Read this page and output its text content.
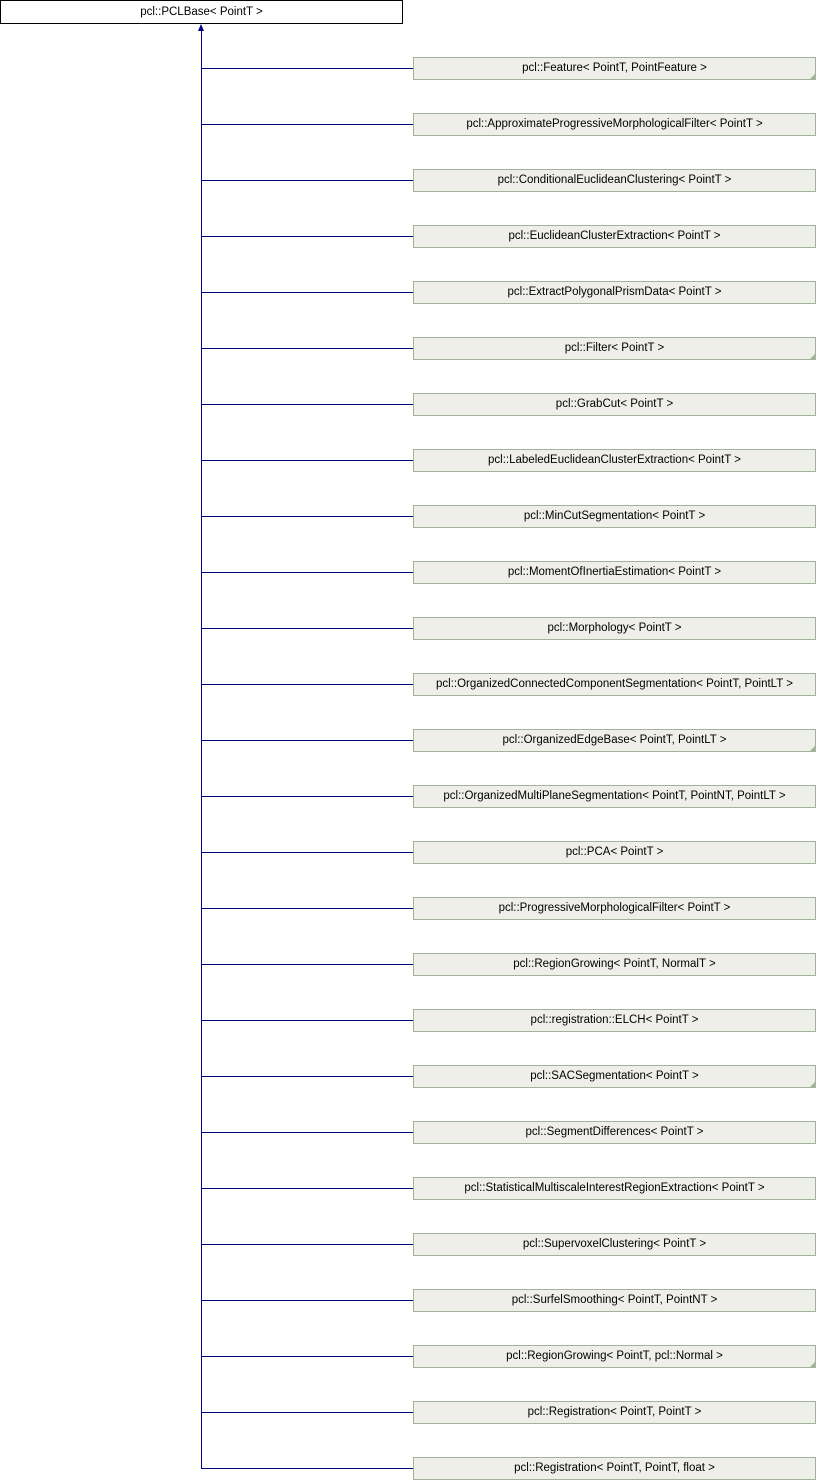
pcl::PCLBase< PointT >
pcl::Feature< PointT, PointFeature >
pcl::ApproximateProgressiveMorphologicalFilter< PointT >
pcl::ConditionalEuclideanClustering< PointT >
pcl::EuclideanClusterExtraction< PointT >
pcl::ExtractPolygonalPrismData< PointT >
pcl::Filter< PointT >
pcl::GrabCut< PointT >
pcl::LabeledEuclideanClusterExtraction< PointT >
pcl::MinCutSegmentation< PointT >
pcl::MomentOfInertiaEstimation< PointT >
pcl::Morphology< PointT >
pcl::OrganizedConnectedComponentSegmentation< PointT, PointLT >
pcl::OrganizedEdgeBase< PointT, PointLT >
pcl::OrganizedMultiPlaneSegmentation< PointT, PointNT, PointLT >
pcl::PCA< PointT >
pcl::ProgressiveMorphologicalFilter< PointT >
pcl::RegionGrowing< PointT, NormalT >
pcl::registration::ELCH< PointT >
pcl::SACSegmentation< PointT >
pcl::SegmentDifferences< PointT >
pcl::StatisticalMultiscaleInterestRegionExtraction< PointT >
pcl::SupervoxelClustering< PointT >
pcl::SurfelSmoothing< PointT, PointNT >
pcl::RegionGrowing< PointT, pcl::Normal >
pcl::Registration< PointT, PointT >
pcl::Registration< PointT, PointT, float >
